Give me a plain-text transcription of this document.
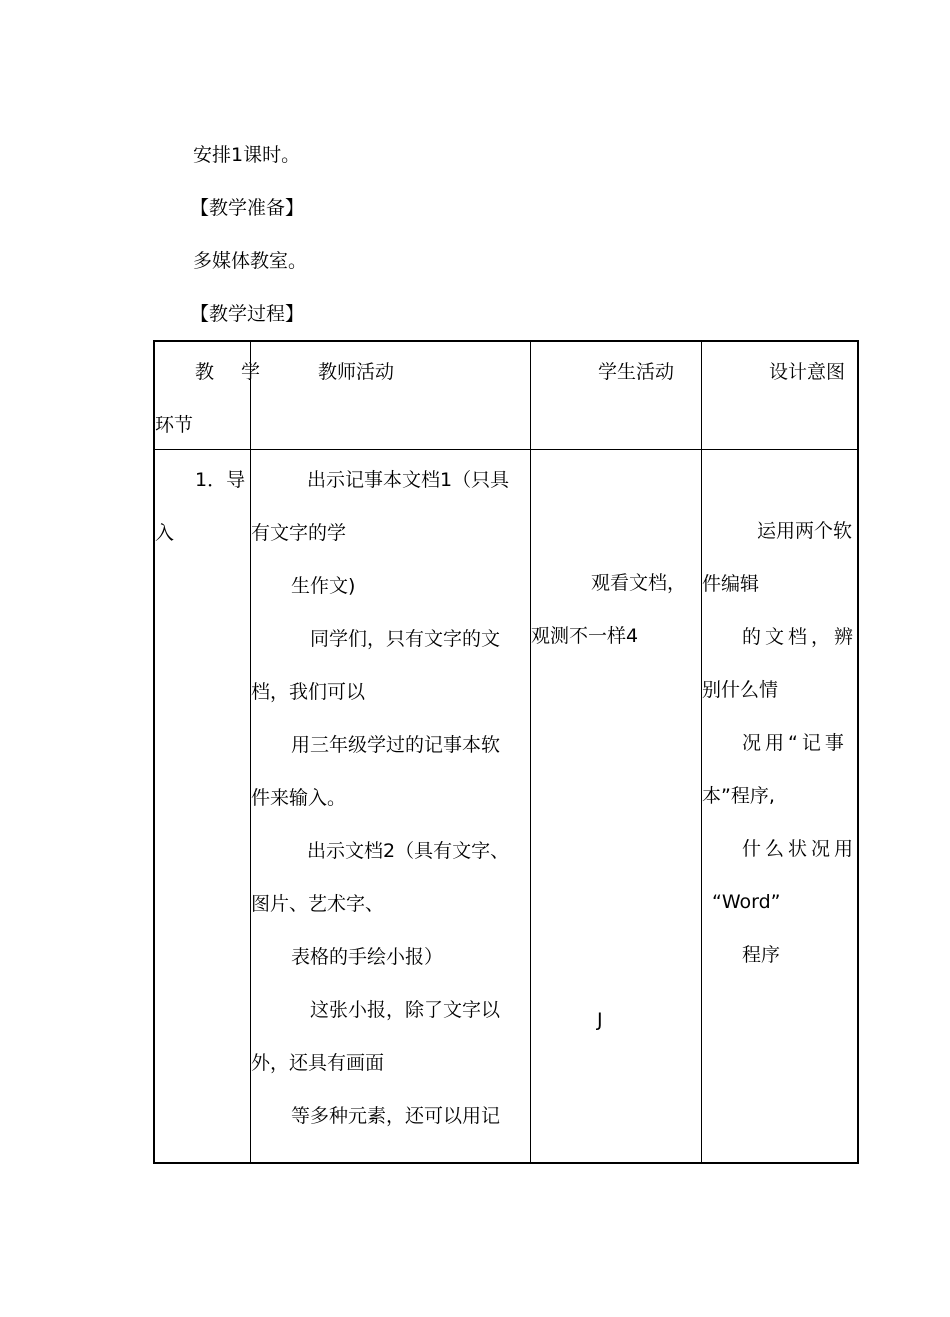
安排1课时。
【教学准备】
多媒体教室。
【教学过程】
教　学
环节
教师活动	学生活动	设计意图
1．导
入
出示记事本文档1（只具
有文字的学
生作文)
同学们，只有文字的文
档，我们可以
用三年级学过的记事本软
件来输入。
出示文档2（具有文字、
图片、艺术字、
表格的手绘小报）
这张小报，除了文字以
外，还具有画面
等多种元素，还可以用记
观看文档，
观测不一样4
J
运用两个软
件编辑
的文档，辨
别什么情
况用“记事
本”程序,
什么状况用
“Word”
程序
